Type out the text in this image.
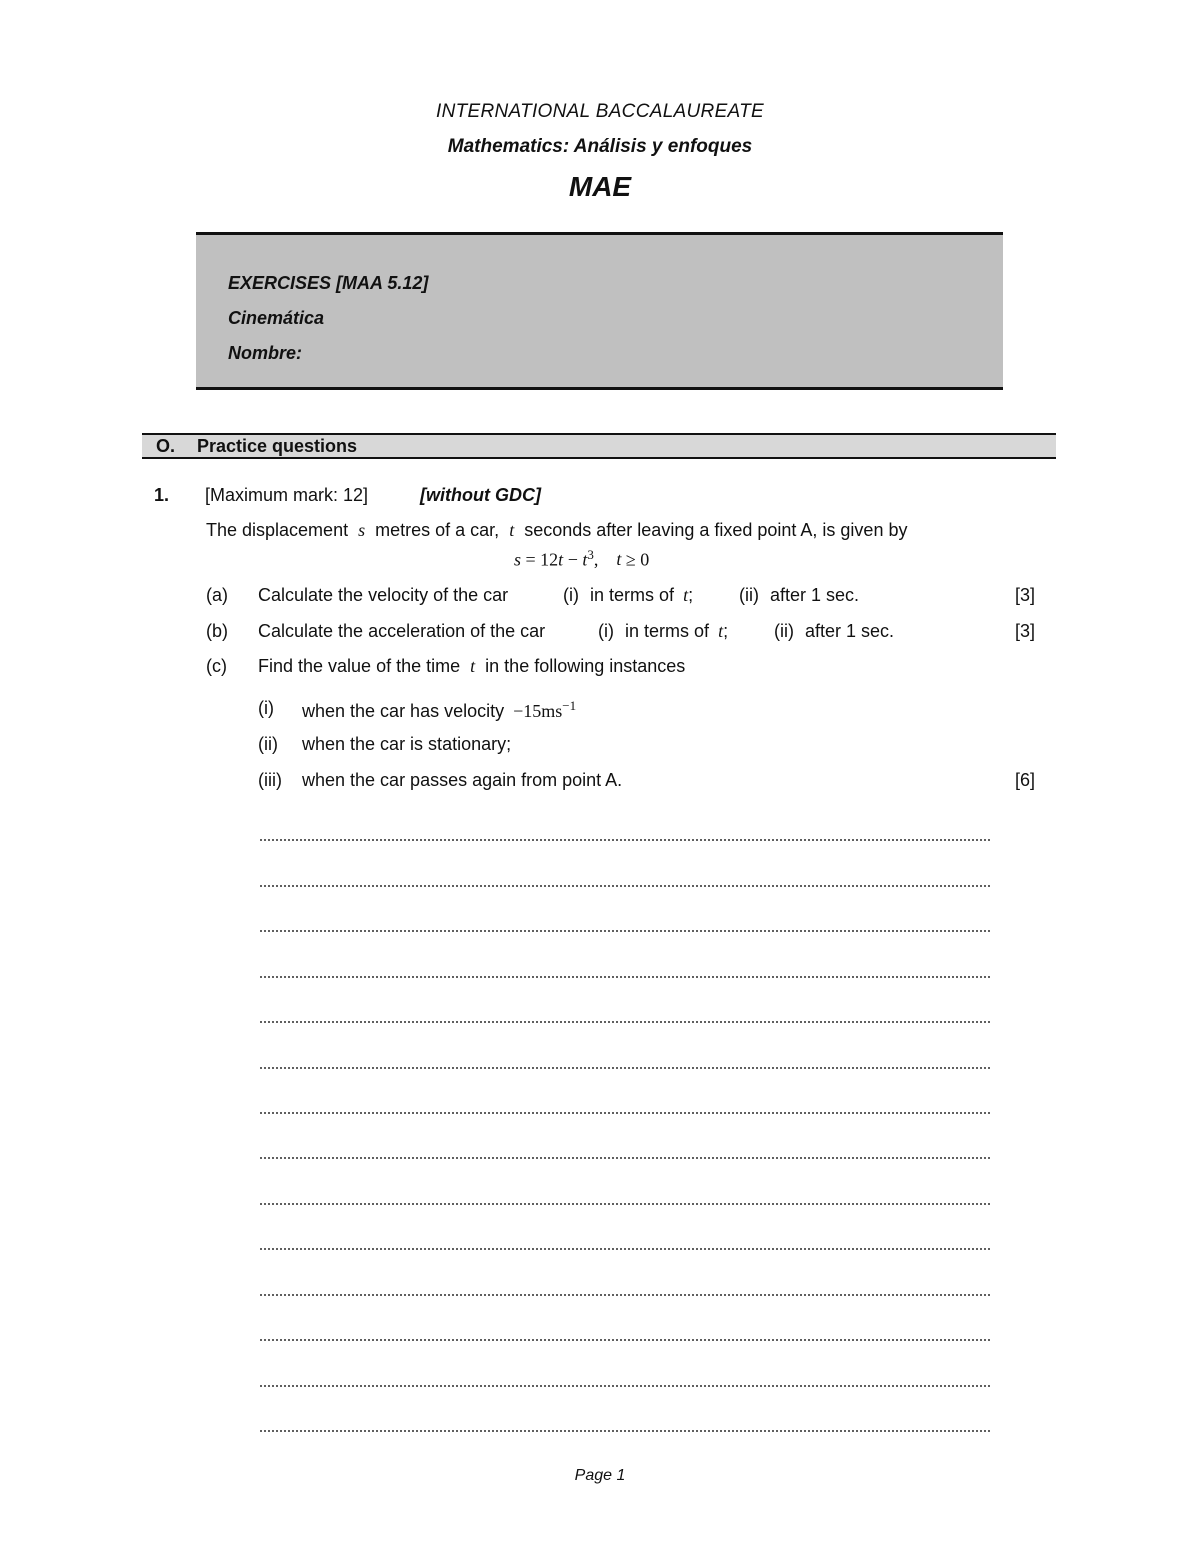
INTERNATIONAL BACCALAUREATE
Mathematics: Análisis y enfoques
MAE
EXERCISES [MAA 5.12]
Cinemática
Nombre:
O. Practice questions
1. [Maximum mark: 12]	[without GDC]
The displacement s metres of a car, t seconds after leaving a fixed point A, is given by
$s = 12t - t^3$, t ≥ 0
(a) Calculate the velocity of the car	(i) in terms of t;	(ii) after 1 sec.	[3]
(b) Calculate the acceleration of the car	(i) in terms of t;	(ii) after 1 sec.	[3]
(c) Find the value of the time t in the following instances
(i) when the car has velocity $-15ms^{-1}$
(ii) when the car is stationary;
(iii) when the car passes again from point A.	[6]
Page 1
